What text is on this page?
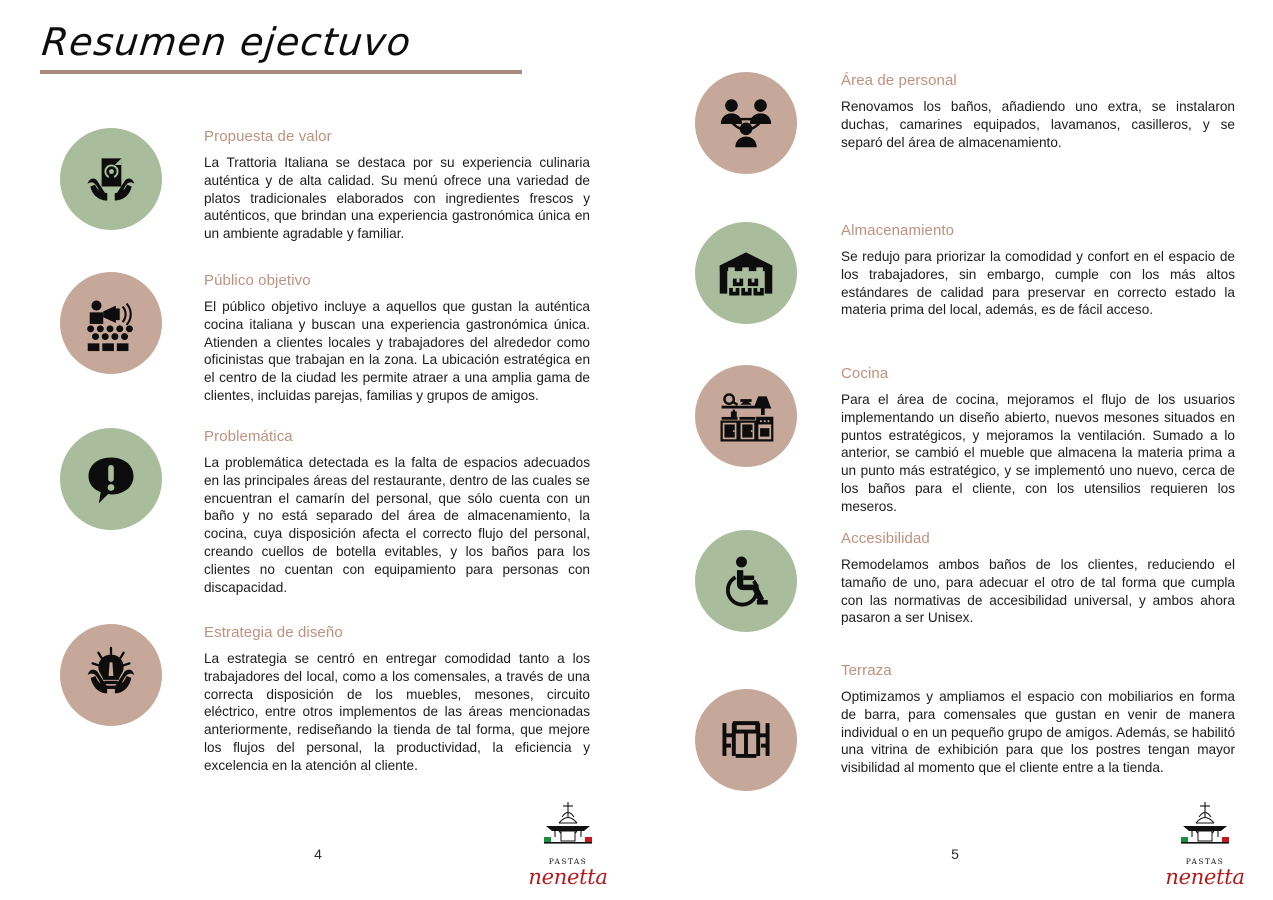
Resumen ejectuvo

Propuesta de valor

La Trattoria Italiana se destaca por su experiencia culinaria auténtica y de alta calidad. Su menú ofrece una variedad de platos tradicionales elaborados con ingredientes frescos y auténticos, que brindan una experiencia gastronómica única en un ambiente agradable y familiar.

Público objetivo

El público objetivo incluye a aquellos que gustan la auténtica cocina italiana y buscan una experiencia gastronómica única. Atienden a clientes locales y trabajadores del alrededor como oficinistas que trabajan en la zona. La ubicación estratégica en el centro de la ciudad les permite atraer a una amplia gama de clientes, incluidas parejas, familias y grupos de amigos.

Problemática

La problemática detectada es la falta de espacios adecuados en las principales áreas del restaurante, dentro de las cuales se encuentran el camarín del personal, que sólo cuenta con un baño y no está separado del área de almacenamiento, la cocina, cuya disposición afecta el correcto flujo del personal, creando cuellos de botella evitables, y los baños para los clientes no cuentan con equipamiento para personas con discapacidad.

Estrategia de diseño

La estrategia se centró en entregar comodidad tanto a los trabajadores del local, como a los comensales, a través de una correcta disposición de los muebles, mesones, circuito eléctrico, entre otros implementos de las áreas mencionadas anteriormente, rediseñando la tienda de tal forma, que mejore los flujos del personal, la productividad, la eficiencia y excelencia en la atención al cliente.

4	PASTAS
nenetta

Área de personal

Renovamos los baños, añadiendo uno extra, se instalaron duchas, camarines equipados, lavamanos, casilleros, y se separó del área de almacenamiento.

Almacenamiento

Se redujo para priorizar la comodidad y confort en el espacio de los trabajadores, sin embargo, cumple con los más altos estándares de calidad para preservar en correcto estado la materia prima del local, además, es de fácil acceso.

Cocina

Para el área de cocina, mejoramos el flujo de los usuarios implementando un diseño abierto, nuevos mesones situados en puntos estratégicos, y mejoramos la ventilación. Sumado a lo anterior, se cambió el mueble que almacena la materia prima a un punto más estratégico, y se implementó uno nuevo, cerca de los baños para el cliente, con los utensilios requieren los meseros.

Accesibilidad

Remodelamos ambos baños de los clientes, reduciendo el tamaño de uno, para adecuar el otro de tal forma que cumpla con las normativas de accesibilidad universal, y ambos ahora pasaron a ser Unisex.

Terraza

Optimizamos y ampliamos el espacio con mobiliarios en forma de barra, para comensales que gustan en venir de manera individual o en un pequeño grupo de amigos. Además, se habilitó una vitrina de exhibición para que los postres tengan mayor visibilidad al momento que el cliente entre a la tienda.

5	PASTAS
nenetta
